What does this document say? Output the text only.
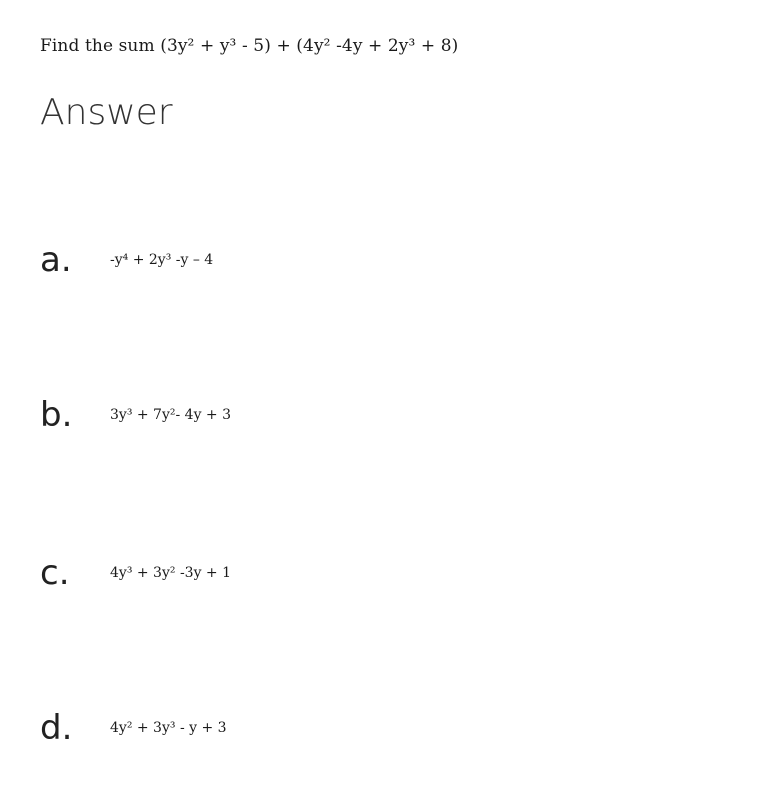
Find the sum (3y² + y³ - 5) + (4y² -4y + 2y³ + 8)
Answer
a.	-y⁴ + 2y³ -y – 4
b.	3y³ + 7y²- 4y + 3
c.	4y³ + 3y² -3y + 1
d.	4y² + 3y³ - y + 3
